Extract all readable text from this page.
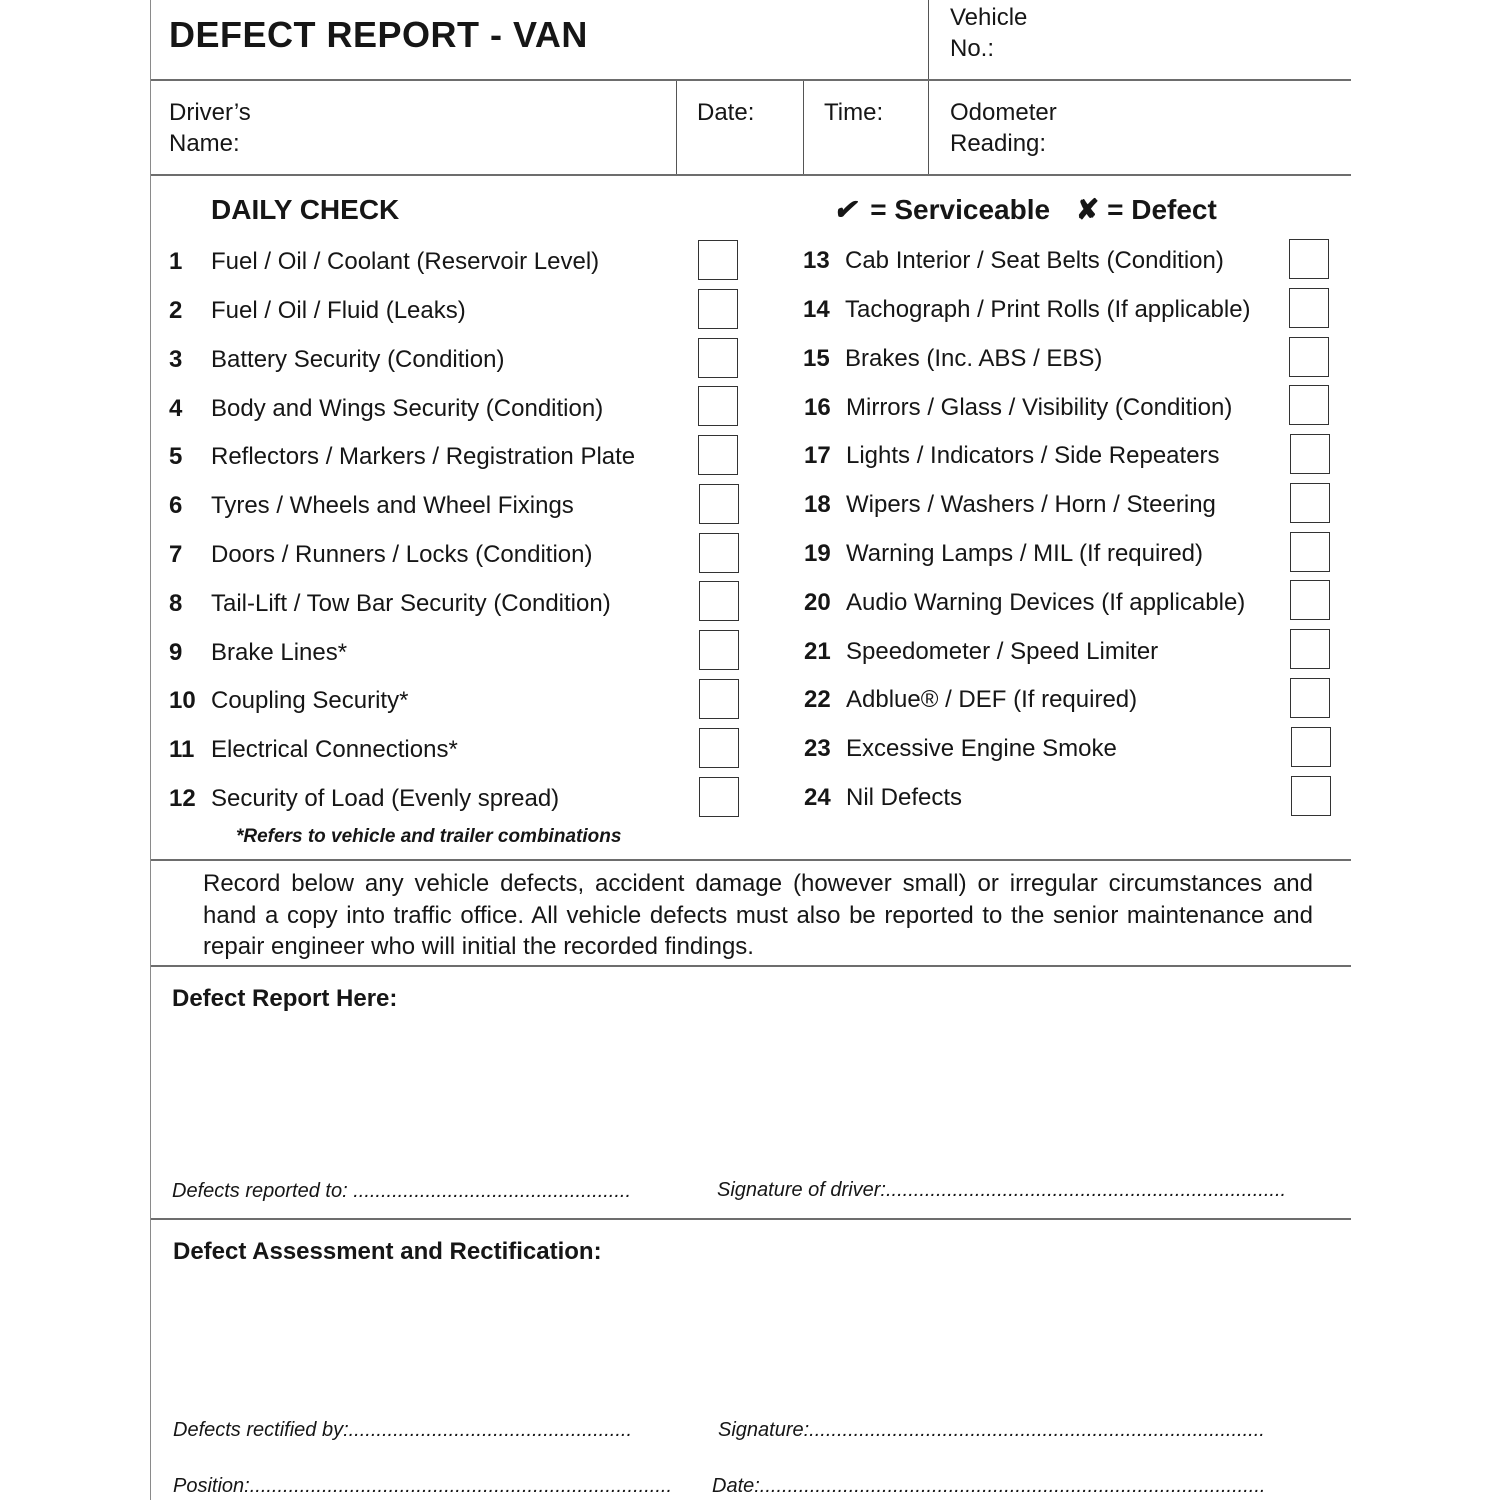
DEFECT REPORT - VAN	Vehicle
No.:
Driver’s
Name:
Date:	Time:	Odometer
Reading:
DAILY CHECK	✔ = Serviceable ✘ = Defect
1 Fuel / Oil / Coolant (Reservoir Level)
2 Fuel / Oil / Fluid (Leaks)
3 Battery Security (Condition)
4 Body and Wings Security (Condition)
5 Reflectors / Markers / Registration Plate
6 Tyres / Wheels and Wheel Fixings
7 Doors / Runners / Locks (Condition)
8 Tail-Lift / Tow Bar Security (Condition)
9 Brake Lines*
10 Coupling Security*
11 Electrical Connections*
12 Security of Load (Evenly spread)
13 Cab Interior / Seat Belts (Condition)
14 Tachograph / Print Rolls (If applicable)
15 Brakes (Inc. ABS / EBS)
16 Mirrors / Glass / Visibility (Condition)
17 Lights / Indicators / Side Repeaters
18 Wipers / Washers / Horn / Steering
19 Warning Lamps / MIL (If required)
20 Audio Warning Devices (If applicable)
21 Speedometer / Speed Limiter
22 Adblue® / DEF (If required)
23 Excessive Engine Smoke
24 Nil Defects
*Refers to vehicle and trailer combinations
Record below any vehicle defects, accident damage (however small) or irregular circumstances and hand a copy into traffic office. All vehicle defects must also be reported to the senior maintenance and repair engineer who will initial the recorded findings.
Defect Report Here:
Defects reported to: ..................................................	Signature of driver:........................................................................
Defect Assessment and Rectification:
Defects rectified by:...................................................	Signature:..................................................................................
Position:............................................................................	Date:...........................................................................................
